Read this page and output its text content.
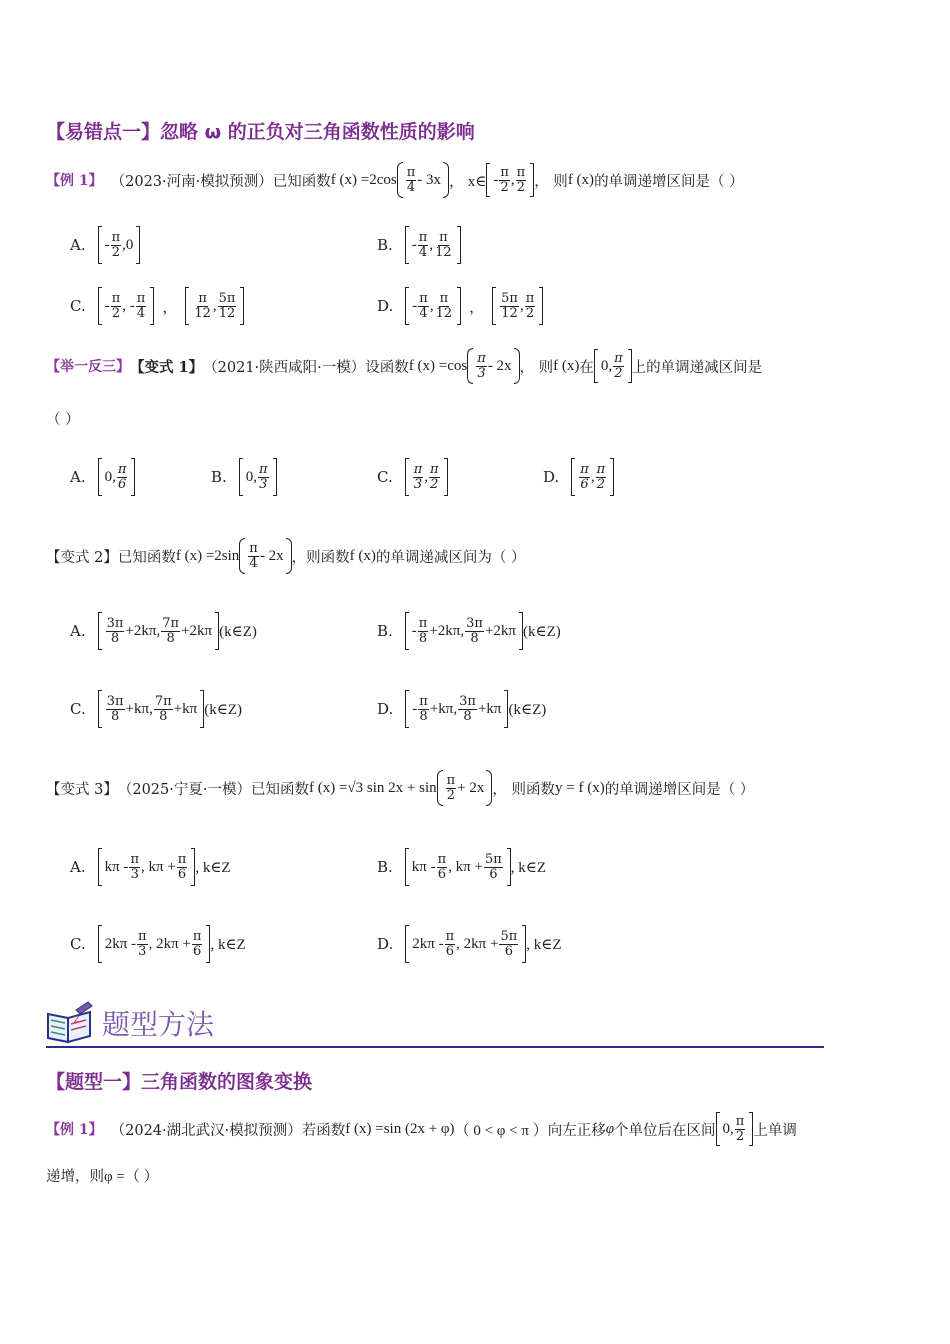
【易错点一】忽略 ω 的正负对三角函数性质的影响
【例 1】 （2023·河南·模拟预测）已知函数 f $(x) =2\cos \frac{\pi}{4} - 3x$ ， x∈ - $\frac{\pi}{2}$ , $\frac{\pi}{2}$ ， 则 f (x) 的单调递增区间是（ ）
A. - $\frac{\pi}{2} ,0$	B. - $\frac{\pi}{4}$ , $\frac{\pi}{12}$
C. - $\frac{\pi}{2}$ , - $\frac{\pi}{4}$ ， $\frac{\pi}{12}$ , $\frac{5\pi}{12}$	D. - $\frac{\pi}{4}$ , $\frac{\pi}{12}$ ， $\frac{5\pi}{12}$ , $\frac{\pi}{2}$
【举一反三】 【变式 1】 （2021·陕西咸阳·一模）设函数 f $(x) =\cos \frac{\pi}{3} - 2x$ ， 则 f (x) 在 0, $\frac{\pi}{2}$ 上的单调递减区间是
（ ）
A. 0, $\frac{\pi}{6}$	B. 0, $\frac{\pi}{3}$	C. $\frac{\pi}{3}$ , $\frac{\pi}{2}$	D. $\frac{\pi}{6}$ , $\frac{\pi}{2}$
【变式 2】 已知函数 f $(x) =2\sin \frac{\pi}{4} - 2x$ ，则函数 f (x) 的单调递减区间为（ ）
A. $\frac{3\pi}{8} +2k\pi$, $\frac{7\pi}{8} +2k\pi$ (k∈Z)	B. - $\frac{\pi}{8} +2k\pi$, $\frac{3\pi}{8} +2k\pi$ (k∈Z)
C. $\frac{3\pi}{8} +k\pi$, $\frac{7\pi}{8} +k\pi$ (k∈Z)	D. - $\frac{\pi}{8} +k\pi$, $\frac{3\pi}{8} +k\pi$ (k∈Z)
【变式 3】 （2025·宁夏·一模）已知函数 f (x) =√3 $\sin 2x + \sin \frac{\pi}{2} + 2x$ ， 则函数 y = f (x) 的单调递增区间是（ ）
A. kπ - $\frac{\pi}{3}$ , $k\pi + \frac{\pi}{6}$ , k∈Z	B. kπ - $\frac{\pi}{6}$ , $k\pi + \frac{5\pi}{6}$ , k∈Z
C. $2k\pi - \frac{\pi}{3}$ , $2k\pi + \frac{\pi}{6}$ , k∈Z	D. $2k\pi - \frac{\pi}{6}$ , $2k\pi + \frac{5\pi}{6}$ , k∈Z
Z 题型方法
【题型一】三角函数的图象变换
【例 1】 （2024·湖北武汉·模拟预测）若函数 f (x) =sin (2x + φ) （ 0 < φ < π ） 向左正移 φ 个单位后在区间 0, $\frac{\pi}{2}$ 上单调
递增，则 φ =（ ）
